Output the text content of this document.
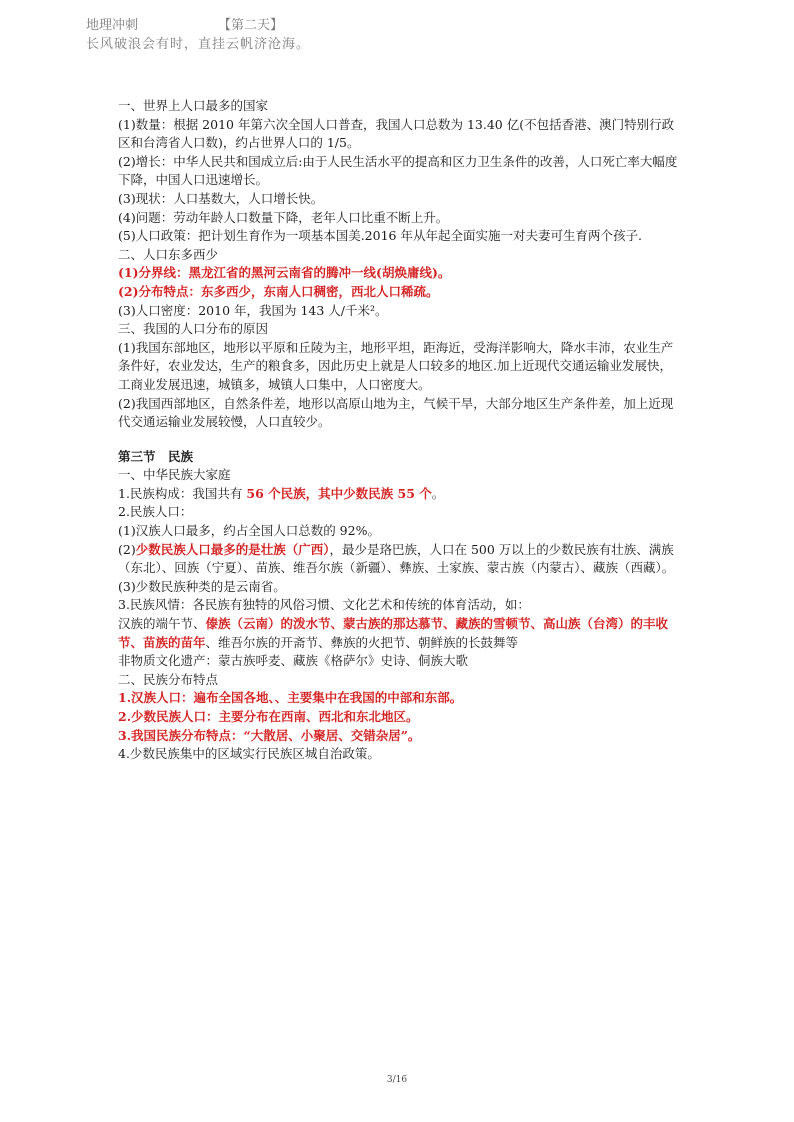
地理冲刺	【第二天】
长风破浪会有时，直挂云帆济沧海。

一、世界上人口最多的国家

(1)数量：根据 2010 年第六次全国人口普查，我国人口总数为 13.40 亿(不包括香港、澳门特别行政区和台湾省人口数)，约占世界人口的 1/5。

(2)增长：中华人民共和国成立后:由于人民生活水平的提高和区力卫生条件的改善，人口死亡率大幅度下降，中国人口迅速增长。

(3)现状：人口基数大，人口增长快。

(4)问题：劳动年龄人口数量下降，老年人口比重不断上升。

(5)人口政策：把计划生育作为一项基本国美.2016 年从年起全面实施一对夫妻可生育两个孩子.

二、人口东多西少

(1)分界线：黑龙江省的黑河云南省的腾冲一线(胡焕庸线)。

(2)分布特点：东多西少，东南人口稠密，西北人口稀疏。

(3)人口密度：2010 年，我国为 143 人/千米²。

三、我国的人口分布的原因

(1)我国东部地区，地形以平原和丘陵为主，地形平坦，距海近，受海洋影响大，降水丰沛，农业生产条件好，农业发达，生产的粮食多，因此历史上就是人口较多的地区.加上近现代交通运输业发展快，工商业发展迅速，城镇多，城镇人口集中，人口密度大。

(2)我国西部地区，自然条件差，地形以高原山地为主，气候干旱，大部分地区生产条件差，加上近现代交通运输业发展较慢，人口直较少。

第三节　民族

一、中华民族大家庭

1.民族构成：我国共有 56 个民族，其中少数民族 55 个。

2.民族人口：

(1)汉族人口最多，约占全国人口总数的 92%。

(2)少数民族人口最多的是壮族（广西），最少是珞巴族，人口在 500 万以上的少数民族有壮族、满族（东北）、回族（宁夏）、苗族、维吾尔族（新疆）、彝族、土家族、蒙古族（内蒙古）、藏族（西藏）。

(3)少数民族种类的是云南省。

3.民族风情：各民族有独特的风俗习惯、文化艺术和传统的体育活动，如：

汉族的端午节、傣族（云南）的泼水节、蒙古族的那达慕节、藏族的雪顿节、高山族（台湾）的丰收节、苗族的苗年、维吾尔族的开斋节、彝族的火把节、朝鲜族的长鼓舞等

非物质文化遗产：蒙古族呼麦、藏族《格萨尔》史诗、侗族大歌

二、民族分布特点

1.汉族人口：遍布全国各地、、主要集中在我国的中部和东部。

2.少数民族人口：主要分布在西南、西北和东北地区。

3.我国民族分布特点：“大散居、小聚居、交错杂居”。

4.少数民族集中的区域实行民族区城自治政策。

3/16
